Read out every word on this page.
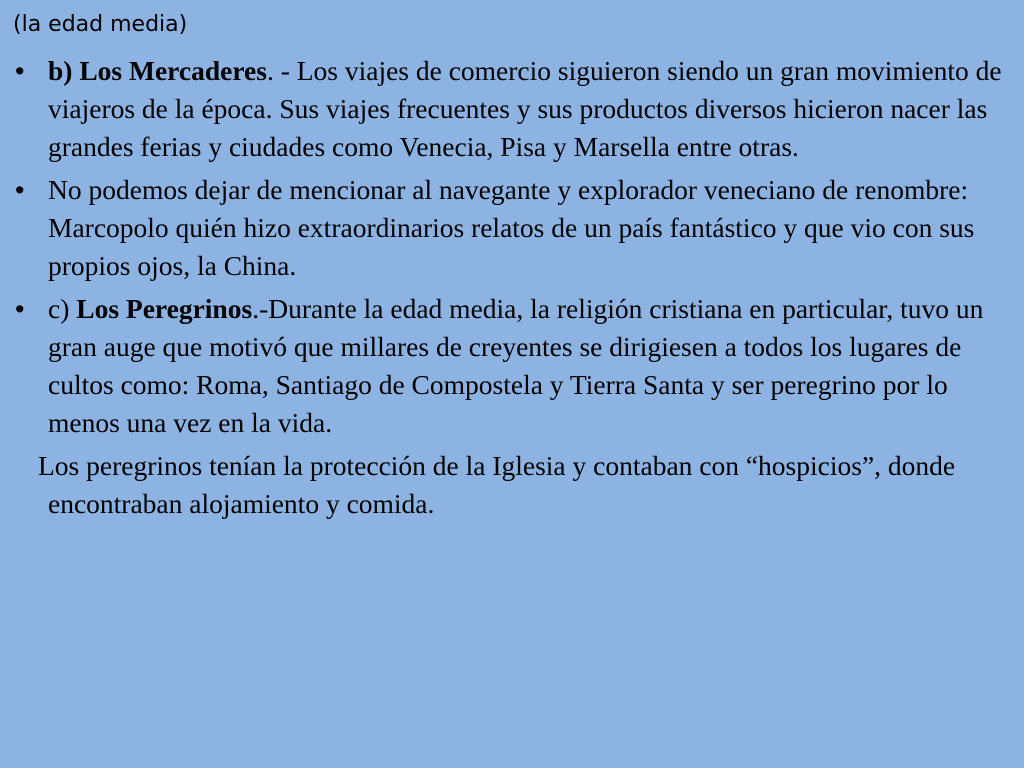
(la edad media)
• b) Los Mercaderes. - Los viajes de comercio siguieron siendo un gran movimiento de viajeros de la época. Sus viajes frecuentes y sus productos diversos hicieron nacer las grandes ferias y ciudades como Venecia, Pisa y Marsella entre otras.
• No podemos dejar de mencionar al navegante y explorador veneciano de renombre: Marcopolo quién hizo extraordinarios relatos de un país fantástico y que vio con sus propios ojos, la China.
• c) Los Peregrinos.-Durante la edad media, la religión cristiana en particular, tuvo un gran auge que motivó que millares de creyentes se dirigiesen a todos los lugares de cultos como: Roma, Santiago de Compostela y Tierra Santa y ser peregrino por lo menos una vez en la vida.

Los peregrinos tenían la protección de la Iglesia y contaban con “hospicios”, donde encontraban alojamiento y comida.
